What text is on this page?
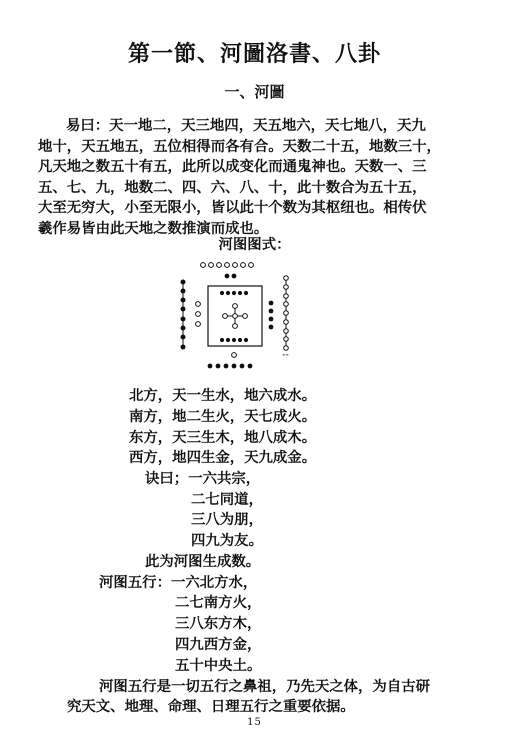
第一節、河圖洛書、八卦
一、河圖
易曰：天一地二，天三地四，天五地六，天七地八，天九
地十，天五地五，五位相得而各有合。天数二十五，地数三十，
凡天地之数五十有五，此所以成变化而通鬼神也。天数一、三
五、七、九，地数二、四、六、八、十，此十数合为五十五，
大至无穷大，小至无限小，皆以此十个数为其枢纽也。相传伏
羲作易皆由此天地之数推演而成也。
河图图式：
∞∞
北方，天一生水，地六成水。
南方，地二生火，天七成火。
东方，天三生木，地八成木。
西方，地四生金，天九成金。
诀曰；一六共宗，
二七同道，
三八为朋，
四九为友。
此为河图生成数。
河图五行：一六北方水，
二七南方火，
三八东方木，
四九西方金，
五十中央土。
河图五行是一切五行之鼻祖，乃先天之体，为自古研
究天文、地理、命理、日理五行之重要依据。
15
